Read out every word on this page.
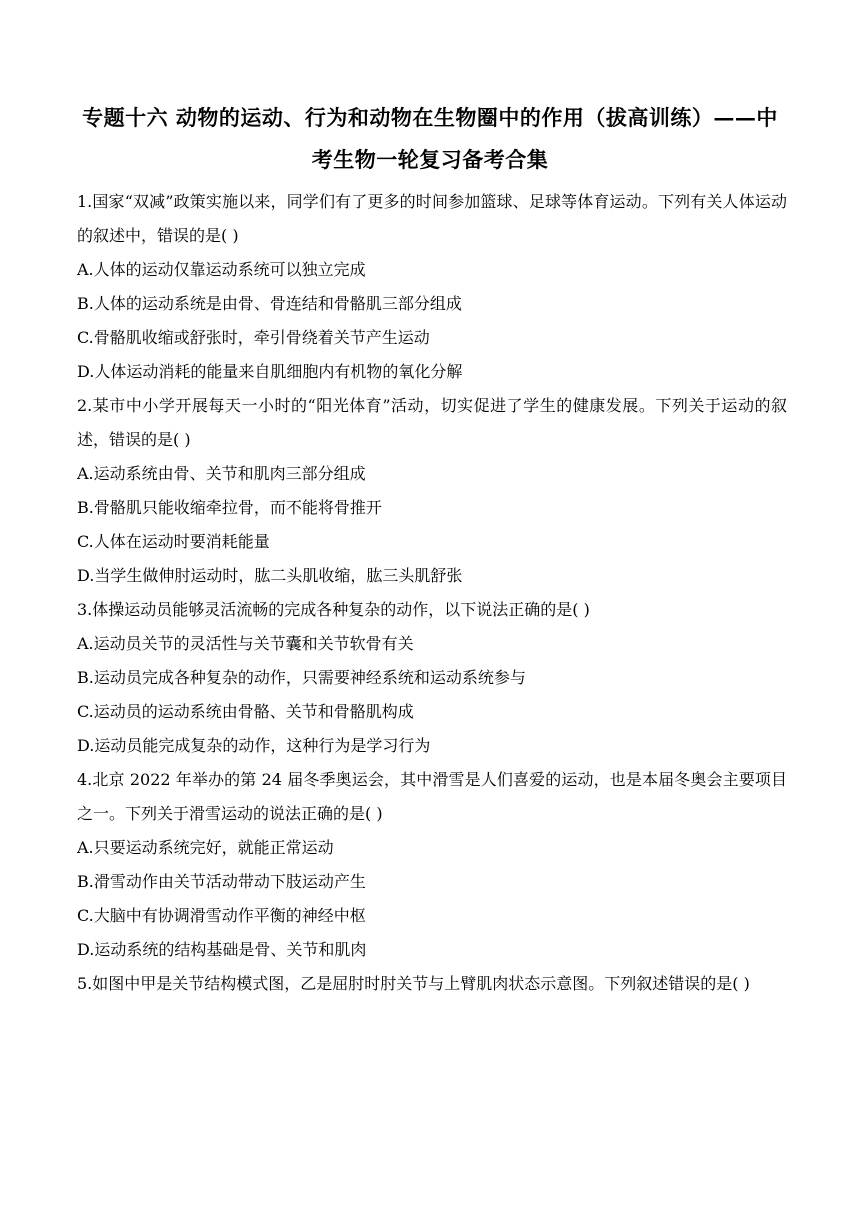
专题十六 动物的运动、行为和动物在生物圈中的作用（拔高训练）——中
考生物一轮复习备考合集

1.国家“双减”政策实施以来，同学们有了更多的时间参加篮球、足球等体育运动。下列有关人体运动的叙述中，错误的是( )

A.人体的运动仅靠运动系统可以独立完成

B.人体的运动系统是由骨、骨连结和骨骼肌三部分组成

C.骨骼肌收缩或舒张时，牵引骨绕着关节产生运动

D.人体运动消耗的能量来自肌细胞内有机物的氧化分解

2.某市中小学开展每天一小时的“阳光体育”活动，切实促进了学生的健康发展。下列关于运动的叙述，错误的是( )

A.运动系统由骨、关节和肌肉三部分组成

B.骨骼肌只能收缩牵拉骨，而不能将骨推开

C.人体在运动时要消耗能量

D.当学生做伸肘运动时，肱二头肌收缩，肱三头肌舒张

3.体操运动员能够灵活流畅的完成各种复杂的动作，以下说法正确的是( )

A.运动员关节的灵活性与关节囊和关节软骨有关

B.运动员完成各种复杂的动作，只需要神经系统和运动系统参与

C.运动员的运动系统由骨骼、关节和骨骼肌构成

D.运动员能完成复杂的动作，这种行为是学习行为

4.北京 2022 年举办的第 24 届冬季奥运会，其中滑雪是人们喜爱的运动，也是本届冬奥会主要项目之一。下列关于滑雪运动的说法正确的是( )

A.只要运动系统完好，就能正常运动

B.滑雪动作由关节活动带动下肢运动产生

C.大脑中有协调滑雪动作平衡的神经中枢

D.运动系统的结构基础是骨、关节和肌肉

5.如图中甲是关节结构模式图，乙是屈肘时肘关节与上臂肌肉状态示意图。下列叙述错误的是( )
